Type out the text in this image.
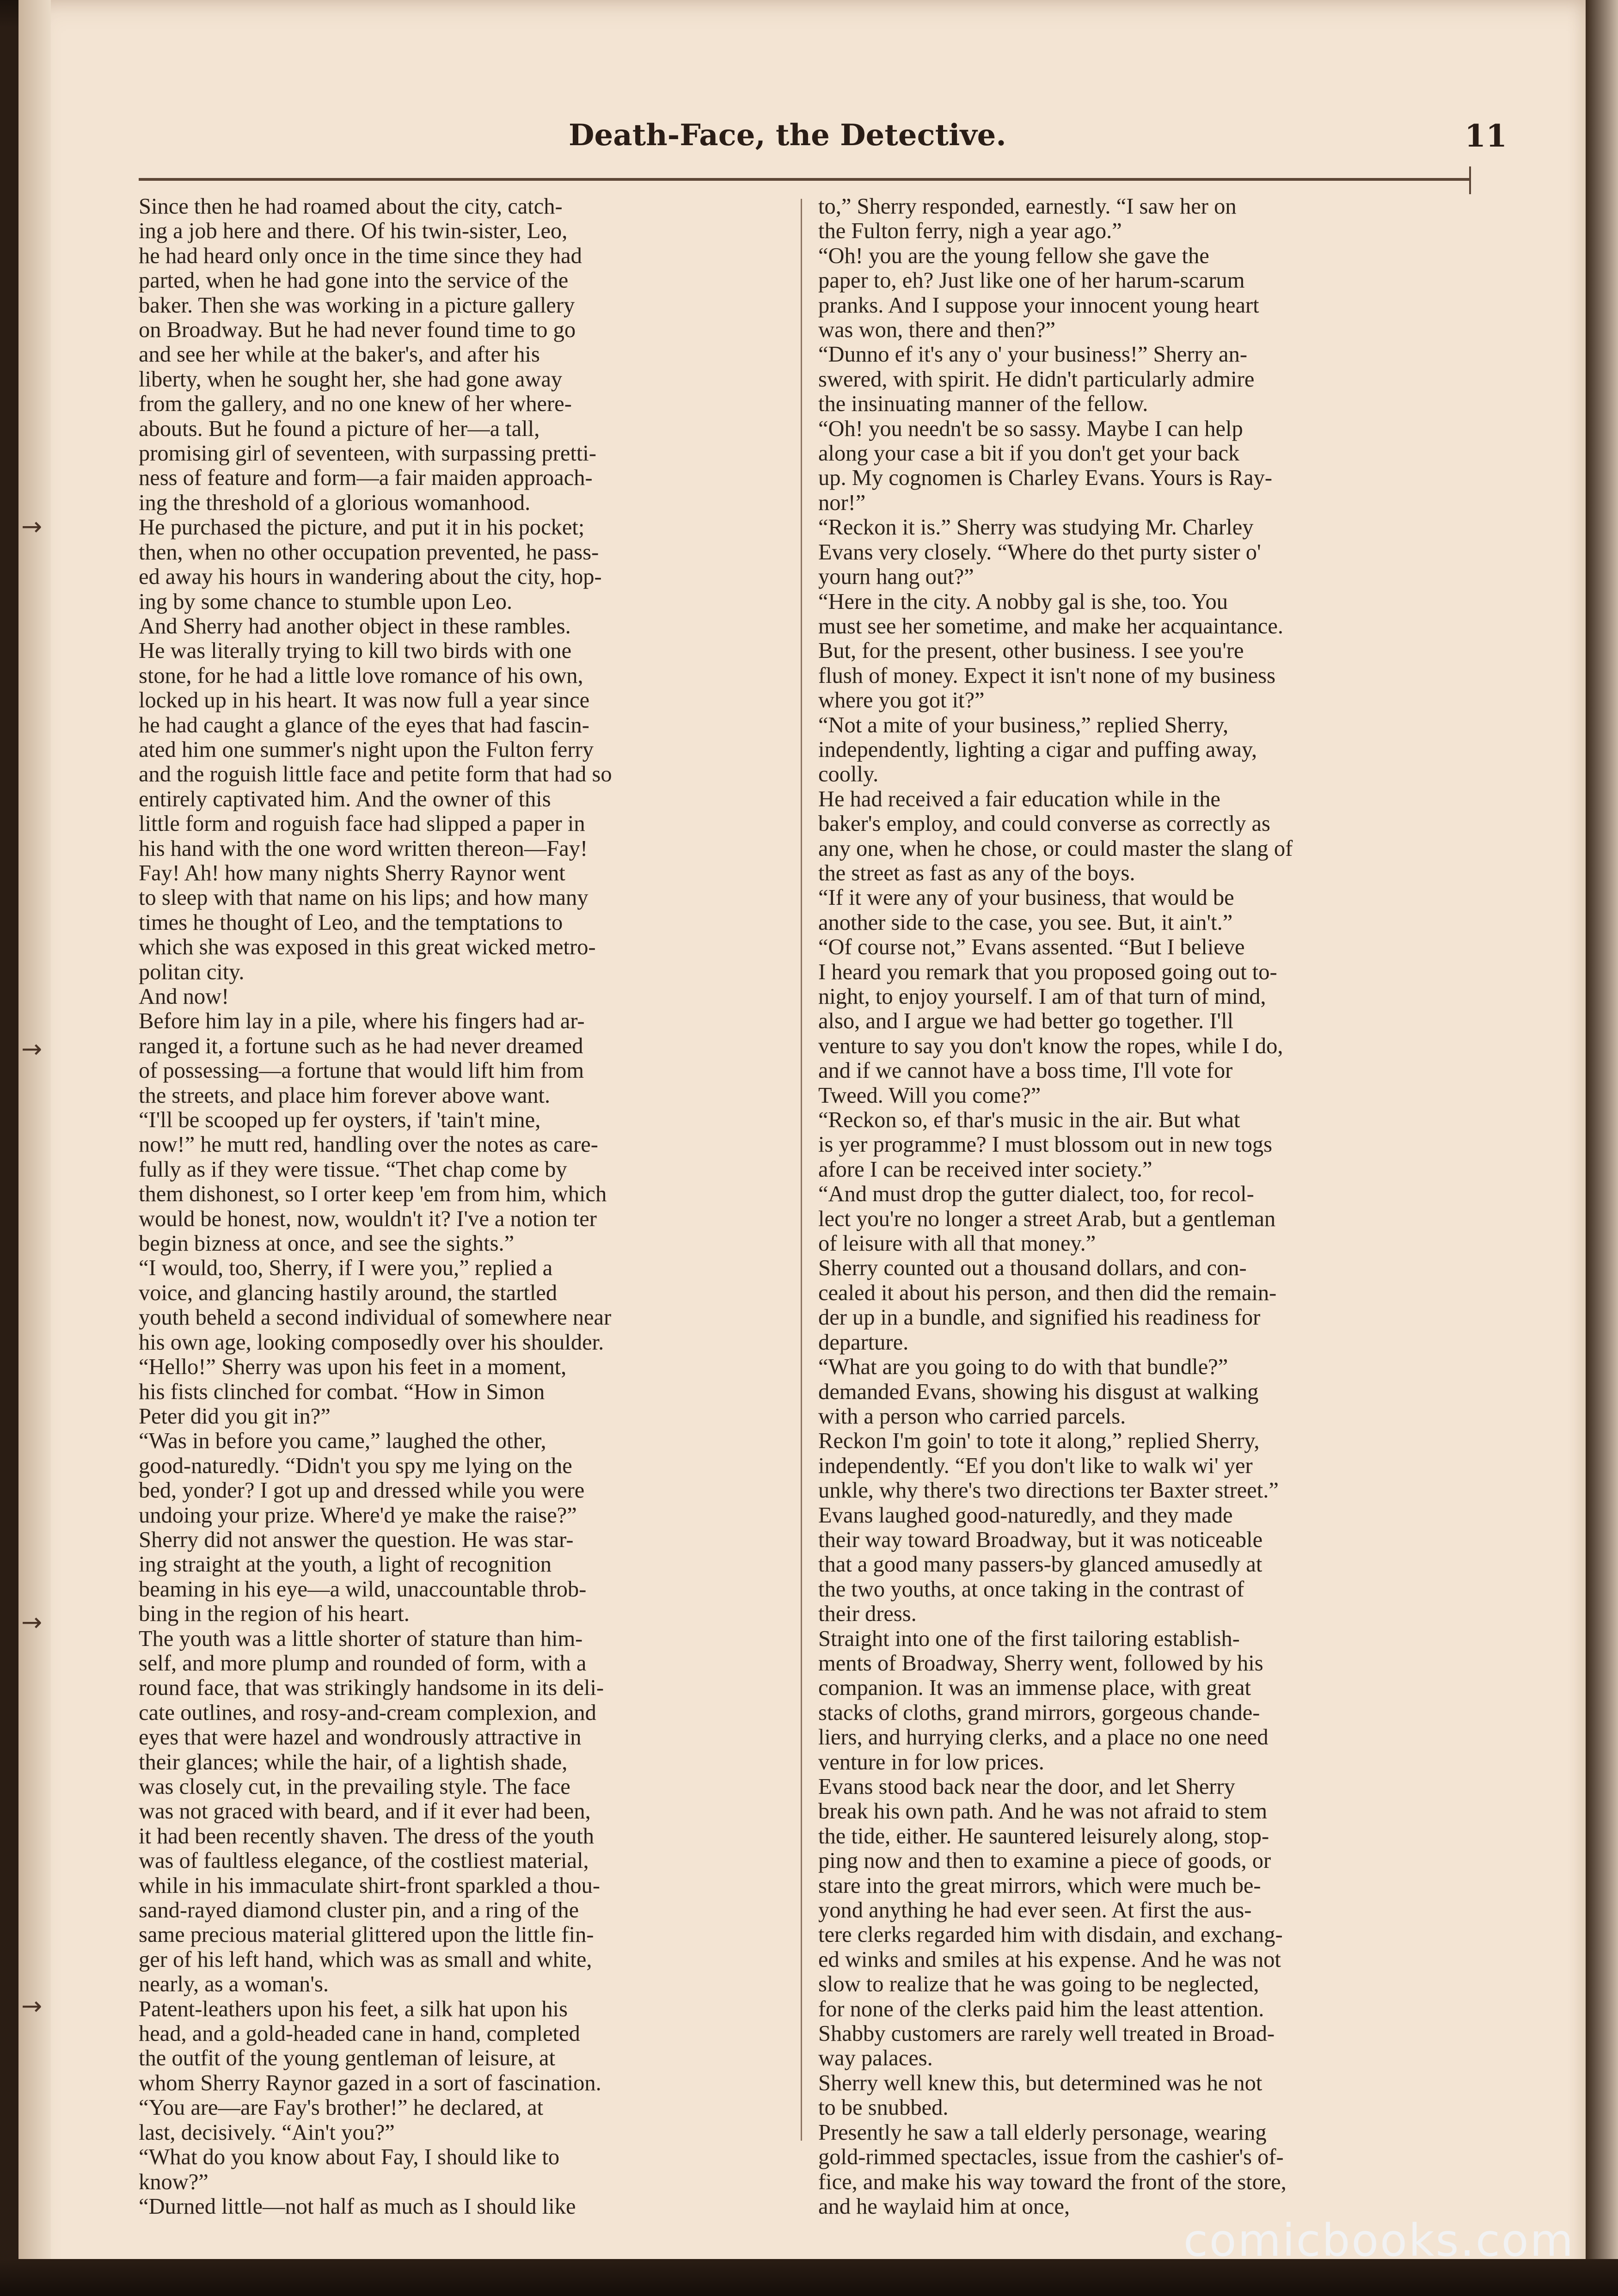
→
→
→
→
Death-Face, the Detective.	11
Since then he had roamed about the city, catch-
ing a job here and there. Of his twin-sister, Leo,
he had heard only once in the time since they had
parted, when he had gone into the service of the
baker. Then she was working in a picture gallery
on Broadway. But he had never found time to go
and see her while at the baker's, and after his
liberty, when he sought her, she had gone away
from the gallery, and no one knew of her where-
abouts. But he found a picture of her—a tall,
promising girl of seventeen, with surpassing pretti-
ness of feature and form—a fair maiden approach-
ing the threshold of a glorious womanhood.
He purchased the picture, and put it in his pocket;
then, when no other occupation prevented, he pass-
ed away his hours in wandering about the city, hop-
ing by some chance to stumble upon Leo.
And Sherry had another object in these rambles.
He was literally trying to kill two birds with one
stone, for he had a little love romance of his own,
locked up in his heart. It was now full a year since
he had caught a glance of the eyes that had fascin-
ated him one summer's night upon the Fulton ferry
and the roguish little face and petite form that had so
entirely captivated him. And the owner of this
little form and roguish face had slipped a paper in
his hand with the one word written thereon—Fay!
Fay! Ah! how many nights Sherry Raynor went
to sleep with that name on his lips; and how many
times he thought of Leo, and the temptations to
which she was exposed in this great wicked metro-
politan city.
And now!
Before him lay in a pile, where his fingers had ar-
ranged it, a fortune such as he had never dreamed
of possessing—a fortune that would lift him from
the streets, and place him forever above want.
“I'll be scooped up fer oysters, if 'tain't mine,
now!” he mutt red, handling over the notes as care-
fully as if they were tissue. “Thet chap come by
them dishonest, so I orter keep 'em from him, which
would be honest, now, wouldn't it? I've a notion ter
begin bizness at once, and see the sights.”
“I would, too, Sherry, if I were you,” replied a
voice, and glancing hastily around, the startled
youth beheld a second individual of somewhere near
his own age, looking composedly over his shoulder.
“Hello!” Sherry was upon his feet in a moment,
his fists clinched for combat. “How in Simon
Peter did you git in?”
“Was in before you came,” laughed the other,
good-naturedly. “Didn't you spy me lying on the
bed, yonder? I got up and dressed while you were
undoing your prize. Where'd ye make the raise?”
Sherry did not answer the question. He was star-
ing straight at the youth, a light of recognition
beaming in his eye—a wild, unaccountable throb-
bing in the region of his heart.
The youth was a little shorter of stature than him-
self, and more plump and rounded of form, with a
round face, that was strikingly handsome in its deli-
cate outlines, and rosy-and-cream complexion, and
eyes that were hazel and wondrously attractive in
their glances; while the hair, of a lightish shade,
was closely cut, in the prevailing style. The face
was not graced with beard, and if it ever had been,
it had been recently shaven. The dress of the youth
was of faultless elegance, of the costliest material,
while in his immaculate shirt-front sparkled a thou-
sand-rayed diamond cluster pin, and a ring of the
same precious material glittered upon the little fin-
ger of his left hand, which was as small and white,
nearly, as a woman's.
Patent-leathers upon his feet, a silk hat upon his
head, and a gold-headed cane in hand, completed
the outfit of the young gentleman of leisure, at
whom Sherry Raynor gazed in a sort of fascination.
“You are—are Fay's brother!” he declared, at
last, decisively. “Ain't you?”
“What do you know about Fay, I should like to
know?”
“Durned little—not half as much as I should like
to,” Sherry responded, earnestly. “I saw her on
the Fulton ferry, nigh a year ago.”
“Oh! you are the young fellow she gave the
paper to, eh? Just like one of her harum-scarum
pranks. And I suppose your innocent young heart
was won, there and then?”
“Dunno ef it's any o' your business!” Sherry an-
swered, with spirit. He didn't particularly admire
the insinuating manner of the fellow.
“Oh! you needn't be so sassy. Maybe I can help
along your case a bit if you don't get your back
up. My cognomen is Charley Evans. Yours is Ray-
nor!”
“Reckon it is.” Sherry was studying Mr. Charley
Evans very closely. “Where do thet purty sister o'
yourn hang out?”
“Here in the city. A nobby gal is she, too. You
must see her sometime, and make her acquaintance.
But, for the present, other business. I see you're
flush of money. Expect it isn't none of my business
where you got it?”
“Not a mite of your business,” replied Sherry,
independently, lighting a cigar and puffing away,
coolly.
He had received a fair education while in the
baker's employ, and could converse as correctly as
any one, when he chose, or could master the slang of
the street as fast as any of the boys.
“If it were any of your business, that would be
another side to the case, you see. But, it ain't.”
“Of course not,” Evans assented. “But I believe
I heard you remark that you proposed going out to-
night, to enjoy yourself. I am of that turn of mind,
also, and I argue we had better go together. I'll
venture to say you don't know the ropes, while I do,
and if we cannot have a boss time, I'll vote for
Tweed. Will you come?”
“Reckon so, ef thar's music in the air. But what
is yer programme? I must blossom out in new togs
afore I can be received inter society.”
“And must drop the gutter dialect, too, for recol-
lect you're no longer a street Arab, but a gentleman
of leisure with all that money.”
Sherry counted out a thousand dollars, and con-
cealed it about his person, and then did the remain-
der up in a bundle, and signified his readiness for
departure.
“What are you going to do with that bundle?”
demanded Evans, showing his disgust at walking
with a person who carried parcels.
Reckon I'm goin' to tote it along,” replied Sherry,
independently. “Ef you don't like to walk wi' yer
unkle, why there's two directions ter Baxter street.”
Evans laughed good-naturedly, and they made
their way toward Broadway, but it was noticeable
that a good many passers-by glanced amusedly at
the two youths, at once taking in the contrast of
their dress.
Straight into one of the first tailoring establish-
ments of Broadway, Sherry went, followed by his
companion. It was an immense place, with great
stacks of cloths, grand mirrors, gorgeous chande-
liers, and hurrying clerks, and a place no one need
venture in for low prices.
Evans stood back near the door, and let Sherry
break his own path. And he was not afraid to stem
the tide, either. He sauntered leisurely along, stop-
ping now and then to examine a piece of goods, or
stare into the great mirrors, which were much be-
yond anything he had ever seen. At first the aus-
tere clerks regarded him with disdain, and exchang-
ed winks and smiles at his expense. And he was not
slow to realize that he was going to be neglected,
for none of the clerks paid him the least attention.
Shabby customers are rarely well treated in Broad-
way palaces.
Sherry well knew this, but determined was he not
to be snubbed.
Presently he saw a tall elderly personage, wearing
gold-rimmed spectacles, issue from the cashier's of-
fice, and make his way toward the front of the store,
and he waylaid him at once,
comicbooks.com
